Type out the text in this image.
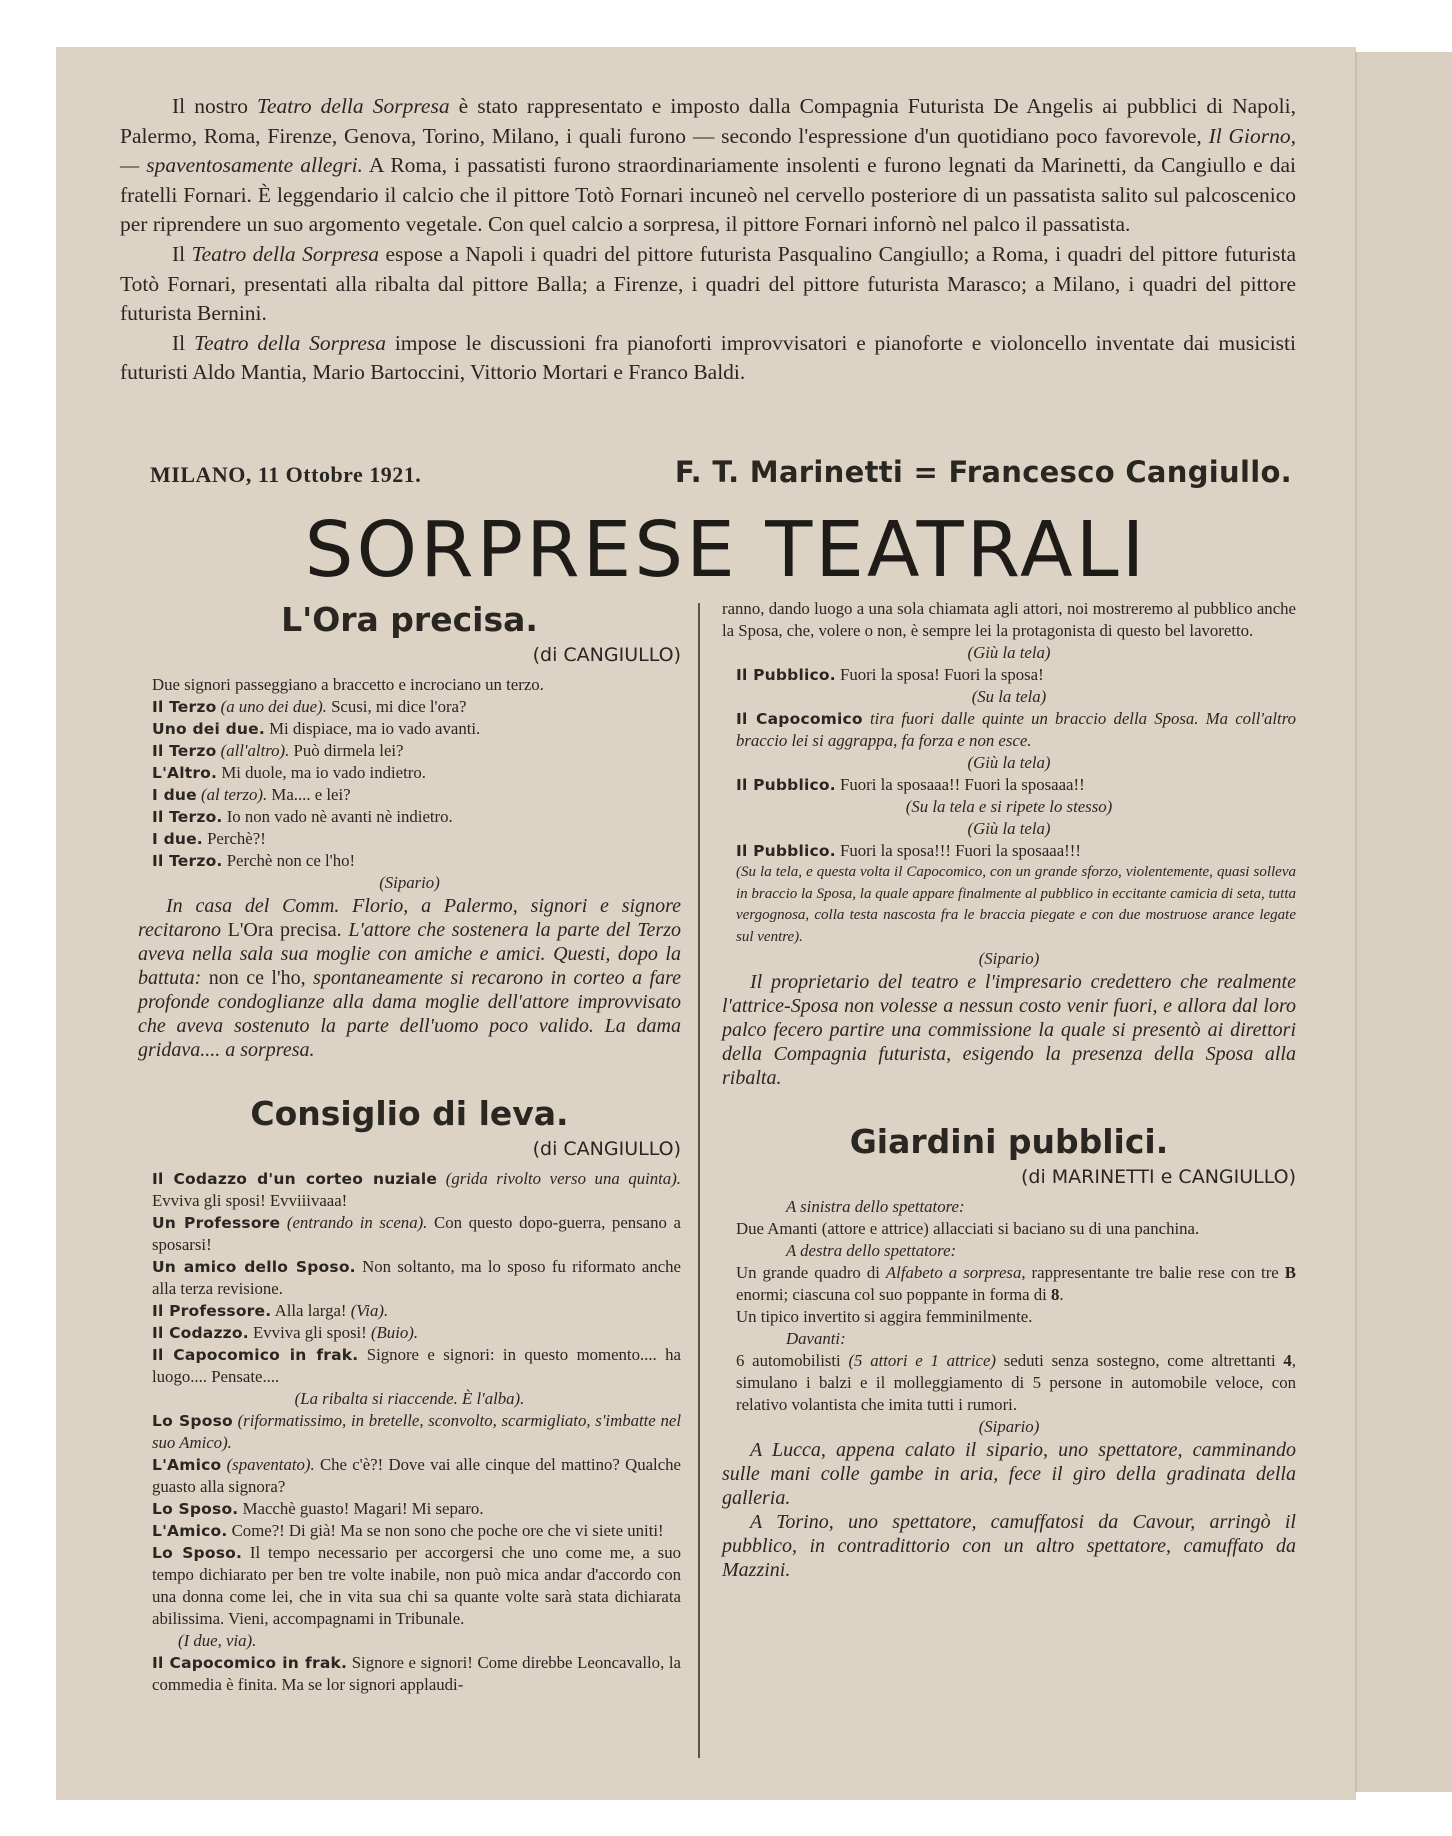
Il nostro Teatro della Sorpresa è stato rappresentato e imposto dalla Compagnia Futurista De Angelis ai pubblici di Napoli, Palermo, Roma, Firenze, Genova, Torino, Milano, i quali furono — secondo l'espressione d'un quotidiano poco favorevole, Il Giorno, — spaventosamente allegri. A Roma, i passatisti furono straordinariamente insolenti e furono legnati da Marinetti, da Cangiullo e dai fratelli Fornari. È leggendario il calcio che il pittore Totò Fornari incuneò nel cervello posteriore di un passatista salito sul palcoscenico per riprendere un suo argomento vegetale. Con quel calcio a sorpresa, il pittore Fornari infornò nel palco il passatista.

Il Teatro della Sorpresa espose a Napoli i quadri del pittore futurista Pasqualino Cangiullo; a Roma, i quadri del pittore futurista Totò Fornari, presentati alla ribalta dal pittore Balla; a Firenze, i quadri del pittore futurista Marasco; a Milano, i quadri del pittore futurista Bernini.

Il Teatro della Sorpresa impose le discussioni fra pianoforti improvvisatori e pianoforte e violoncello inventate dai musicisti futuristi Aldo Mantia, Mario Bartoccini, Vittorio Mortari e Franco Baldi.

MILANO, 11 Ottobre 1921.	F. T. Marinetti = Francesco Cangiullo.
SORPRESE TEATRALI
L'Ora precisa.
(di CANGIULLO)

Due signori passeggiano a braccetto e incrociano un terzo.

Il Terzo (a uno dei due). Scusi, mi dice l'ora?

Uno dei due. Mi dispiace, ma io vado avanti.

Il Terzo (all'altro). Può dirmela lei?

L'Altro. Mi duole, ma io vado indietro.

I due (al terzo). Ma.... e lei?

Il Terzo. Io non vado nè avanti nè indietro.

I due. Perchè?!

Il Terzo. Perchè non ce l'ho!

(Sipario)

In casa del Comm. Florio, a Palermo, signori e signore recitarono L'Ora precisa. L'attore che sostenera la parte del Terzo aveva nella sala sua moglie con amiche e amici. Questi, dopo la battuta: non ce l'ho, spontaneamente si recarono in corteo a fare profonde condoglianze alla dama moglie dell'attore improvvisato che aveva sostenuto la parte dell'uomo poco valido. La dama gridava.... a sorpresa.

Consiglio di leva.
(di CANGIULLO)

Il Codazzo d'un corteo nuziale (grida rivolto verso una quinta). Evviva gli sposi! Evviiivaaa!

Un Professore (entrando in scena). Con questo dopo-guerra, pensano a sposarsi!

Un amico dello Sposo. Non soltanto, ma lo sposo fu riformato anche alla terza revisione.

Il Professore. Alla larga! (Via).

Il Codazzo. Evviva gli sposi! (Buio).

Il Capocomico in frak. Signore e signori: in questo momento.... ha luogo.... Pensate....

(La ribalta si riaccende. È l'alba).

Lo Sposo (riformatissimo, in bretelle, sconvolto, scarmigliato, s'imbatte nel suo Amico).

L'Amico (spaventato). Che c'è?! Dove vai alle cinque del mattino? Qualche guasto alla signora?

Lo Sposo. Macchè guasto! Magari! Mi separo.

L'Amico. Come?! Di già! Ma se non sono che poche ore che vi siete uniti!

Lo Sposo. Il tempo necessario per accorgersi che uno come me, a suo tempo dichiarato per ben tre volte inabile, non può mica andar d'accordo con una donna come lei, che in vita sua chi sa quante volte sarà stata dichiarata abilissima. Vieni, accompagnami in Tribunale.

(I due, via).

Il Capocomico in frak. Signore e signori! Come direbbe Leoncavallo, la commedia è finita. Ma se lor signori applaudi-

ranno, dando luogo a una sola chiamata agli attori, noi mostreremo al pubblico anche la Sposa, che, volere o non, è sempre lei la protagonista di questo bel lavoretto.

(Giù la tela)

Il Pubblico. Fuori la sposa! Fuori la sposa!

(Su la tela)

Il Capocomico tira fuori dalle quinte un braccio della Sposa. Ma coll'altro braccio lei si aggrappa, fa forza e non esce.

(Giù la tela)

Il Pubblico. Fuori la sposaaa!! Fuori la sposaaa!!

(Su la tela e si ripete lo stesso)

(Giù la tela)

Il Pubblico. Fuori la sposa!!! Fuori la sposaaa!!!

(Su la tela, e questa volta il Capocomico, con un grande sforzo, violentemente, quasi solleva in braccio la Sposa, la quale appare finalmente al pubblico in eccitante camicia di seta, tutta vergognosa, colla testa nascosta fra le braccia piegate e con due mostruose arance legate sul ventre).

(Sipario)

Il proprietario del teatro e l'impresario credettero che realmente l'attrice-Sposa non volesse a nessun costo venir fuori, e allora dal loro palco fecero partire una commissione la quale si presentò ai direttori della Compagnia futurista, esigendo la presenza della Sposa alla ribalta.

Giardini pubblici.
(di MARINETTI e CANGIULLO)

A sinistra dello spettatore:

Due Amanti (attore e attrice) allacciati si baciano su di una panchina.

A destra dello spettatore:

Un grande quadro di Alfabeto a sorpresa, rappresentante tre balie rese con tre B enormi; ciascuna col suo poppante in forma di 8.

Un tipico invertito si aggira femminilmente.

Davanti:

6 automobilisti (5 attori e 1 attrice) seduti senza sostegno, come altrettanti 4, simulano i balzi e il molleggiamento di 5 persone in automobile veloce, con relativo volantista che imita tutti i rumori.

(Sipario)

A Lucca, appena calato il sipario, uno spettatore, camminando sulle mani colle gambe in aria, fece il giro della gradinata della galleria.

A Torino, uno spettatore, camuffatosi da Cavour, arringò il pubblico, in contradittorio con un altro spettatore, camuffato da Mazzini.
